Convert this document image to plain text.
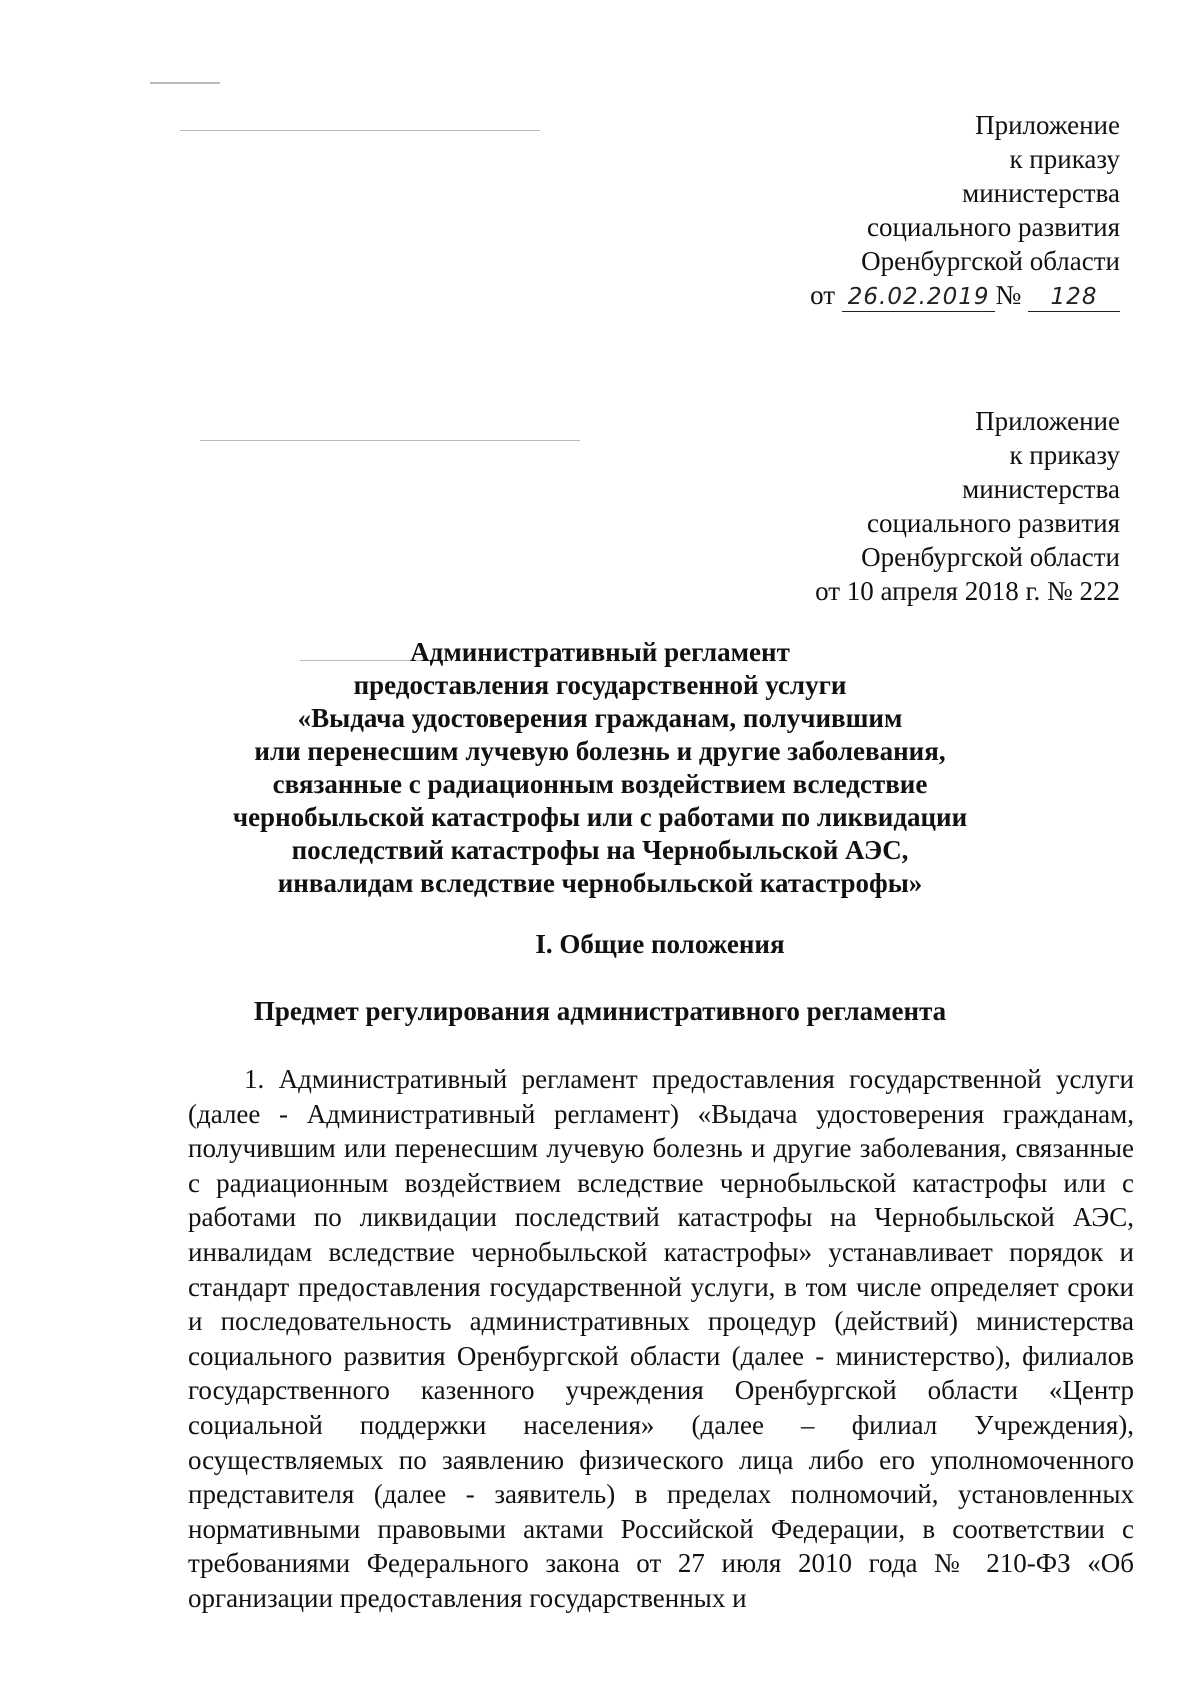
Приложение
к приказу
министерства
социального развития
Оренбургской области
от 26.02.2019 № 128
Приложение
к приказу
министерства
социального развития
Оренбургской области
от 10 апреля 2018 г. № 222
Административный регламент
предоставления государственной услуги
«Выдача удостоверения гражданам, получившим
или перенесшим лучевую болезнь и другие заболевания,
связанные с радиационным воздействием вследствие
чернобыльской катастрофы или с работами по ликвидации
последствий катастрофы на Чернобыльской АЭС,
инвалидам вследствие чернобыльской катастрофы»
I. Общие положения
Предмет регулирования административного регламента

1. Административный регламент предоставления государственной услуги (далее - Административный регламент) «Выдача удостоверения гражданам, получившим или перенесшим лучевую болезнь и другие заболевания, связанные с радиационным воздействием вследствие чернобыльской катастрофы или с работами по ликвидации последствий катастрофы на Чернобыльской АЭС, инвалидам вследствие чернобыльской катастрофы» устанавливает порядок и стандарт предоставления государственной услуги, в том числе определяет сроки и последовательность административных процедур (действий) министерства социального развития Оренбургской области (далее - министерство), филиалов государственного казенного учреждения Оренбургской области «Центр социальной поддержки населения» (далее – филиал Учреждения), осуществляемых по заявлению физического лица либо его уполномоченного представителя (далее - заявитель) в пределах полномочий, установленных нормативными правовыми актами Российской Федерации, в соответствии с требованиями Федерального закона от 27 июля 2010 года № 210-ФЗ «Об организации предоставления государственных и
